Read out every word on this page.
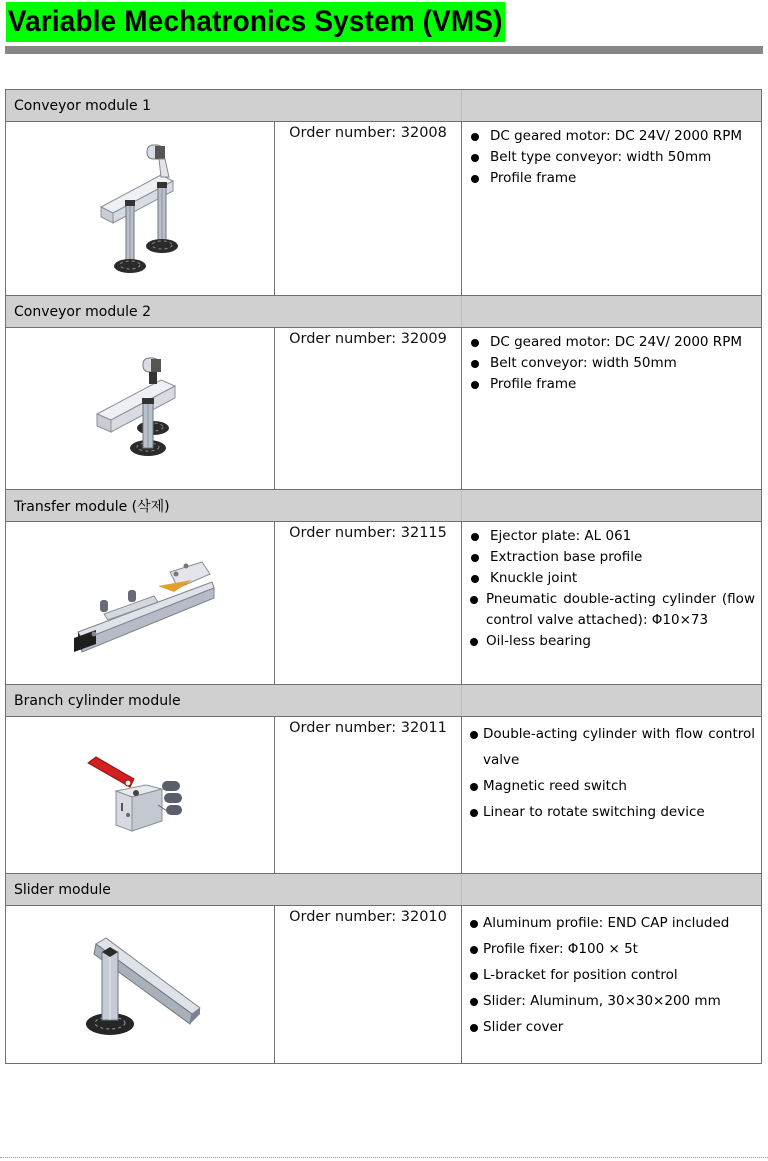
Variable Mechatronics System (VMS)
Conveyor module 1		

	Order number: 32008	DC geared motor: DC 24V/ 2000 RPM
Belt type conveyor: width 50mm
Profile frame

Conveyor module 2		

	Order number: 32009	DC geared motor: DC 24V/ 2000 RPM
Belt conveyor: width 50mm
Profile frame

Transfer module (삭제)		

	Order number: 32115	Ejector plate: AL 061
Extraction base profile
Knuckle joint
Pneumatic double-acting cylinder (flow control valve attached): Φ10×73
Oil-less bearing

Branch cylinder module		

	Order number: 32011	Double-acting cylinder with flow control valve
Magnetic reed switch
Linear to rotate switching device

Slider module		

	Order number: 32010	Aluminum profile: END CAP included
Profile fixer: Φ100 × 5t
L-bracket for position control
Slider: Aluminum, 30×30×200 mm
Slider cover
